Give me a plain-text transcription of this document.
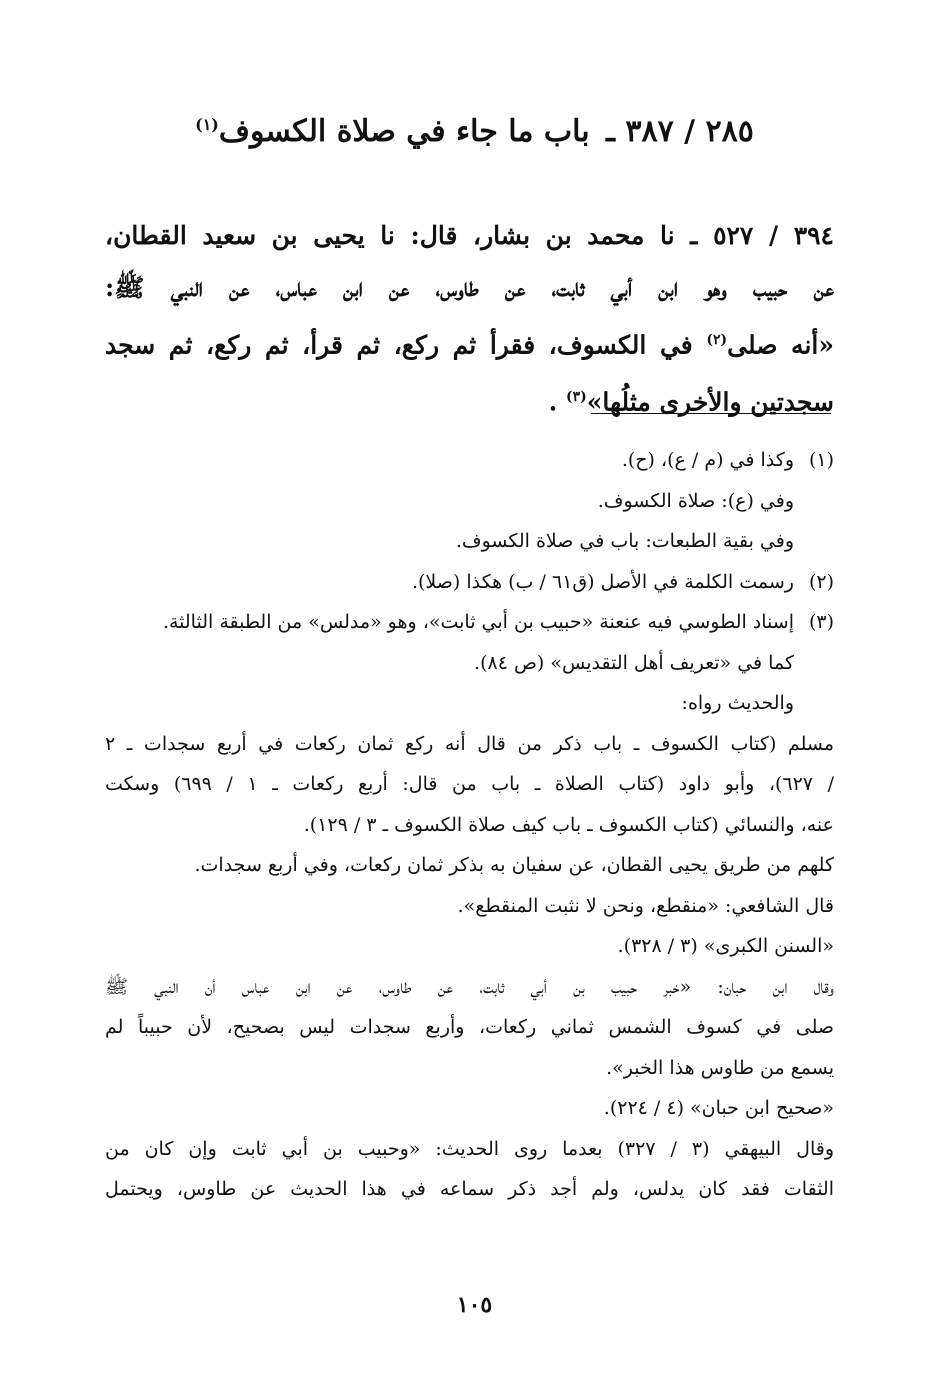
٢٨٥ / ٣٨٧ ـ باب ما جاء في صلاة الكسوف$^{(١)}$
٣٩٤ / ٥٢٧ ـ نا محمد بن بشار، قال: نا يحيى بن سعيد القطان،
عن حبيب وهو ابن أبي ثابت، عن طاوس، عن ابن عباس، عن النبي ﷺ:
«أنه صلى$^{(٢)}$ في الكسوف، فقرأ ثم ركع، ثم قرأ، ثم ركع، ثم سجد
سجدتين والأخرى مثلُها»$^{(٣)}$ .
(١)وكذا في (م / ع)، (ح).
وفي (ع): صلاة الكسوف.
وفي بقية الطبعات: باب في صلاة الكسوف.
(٢)رسمت الكلمة في الأصل (ق٦١ / ب) هكذا (صلا).
(٣)إسناد الطوسي فيه عنعنة «حبيب بن أبي ثابت»، وهو «مدلس» من الطبقة الثالثة.
كما في «تعريف أهل التقديس» (ص ٨٤).
والحديث رواه:
مسلم (كتاب الكسوف ـ باب ذكر من قال أنه ركع ثمان ركعات في أربع سجدات ـ ٢
/ ٦٢٧)، وأبو داود (كتاب الصلاة ـ باب من قال: أربع ركعات ـ ١ / ٦٩٩) وسكت
عنه، والنسائي (كتاب الكسوف ـ باب كيف صلاة الكسوف ـ ٣ / ١٢٩).
كلهم من طريق يحيى القطان، عن سفيان به بذكر ثمان ركعات، وفي أربع سجدات.
قال الشافعي: «منقطع، ونحن لا نثبت المنقطع».
«السنن الكبرى» (٣ / ٣٢٨).
وقال ابن حبان: «خبر حبيب بن أبي ثابت، عن طاوس، عن ابن عباس أن النبي ﷺ
صلى في كسوف الشمس ثماني ركعات، وأربع سجدات ليس بصحيح، لأن حبيباً لم
يسمع من طاوس هذا الخبر».
«صحيح ابن حبان» (٤ / ٢٢٤).
وقال البيهقي (٣ / ٣٢٧) بعدما روى الحديث: «وحبيب بن أبي ثابت وإن كان من
الثقات فقد كان يدلس، ولم أجد ذكر سماعه في هذا الحديث عن طاوس، ويحتمل
١٠٥
